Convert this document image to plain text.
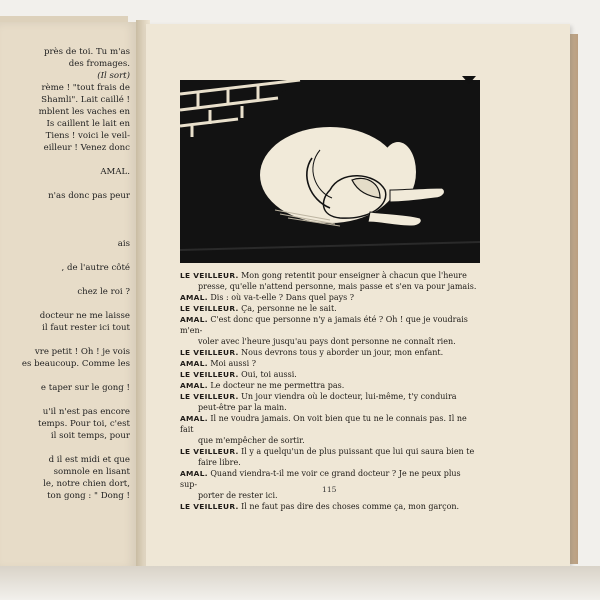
près de toi. Tu m'as
des fromages.
(Il sort)
rème ! "tout frais de
Shamli". Lait caillé !
mblent les vaches en
Is caillent le lait en
Tiens ! voici le veil-
eilleur ! Venez donc

AMAL.

n'as donc pas peur

ais

, de l'autre côté

chez le roi ?

docteur ne me laisse
il faut rester ici tout

vre petit ! Oh ! je vois
es beaucoup. Comme les

e taper sur le gong !

u'il n'est pas encore
temps. Pour toi, c'est
il soit temps, pour

d il est midi et que
somnole en lisant
le, notre chien dort,
ton gong : " Dong !

LE VEILLEUR. Mon gong retentit pour enseigner à chacun que l'heure

presse, qu'elle n'attend personne, mais passe et s'en va pour jamais.

AMAL. Dis : où va-t-elle ? Dans quel pays ?

LE VEILLEUR. Ça, personne ne le sait.

AMAL. C'est donc que personne n'y a jamais été ? Oh ! que je voudrais m'en-

voler avec l'heure jusqu'au pays dont personne ne connaît rien.

LE VEILLEUR. Nous devrons tous y aborder un jour, mon enfant.

AMAL. Moi aussi ?

LE VEILLEUR. Oui, toi aussi.

AMAL. Le docteur ne me permettra pas.

LE VEILLEUR. Un jour viendra où le docteur, lui-même, t'y conduira

peut-être par la main.

AMAL. Il ne voudra jamais. On voit bien que tu ne le connais pas. Il ne fait

que m'empêcher de sortir.

LE VEILLEUR. Il y a quelqu'un de plus puissant que lui qui saura bien te

faire libre.

AMAL. Quand viendra-t-il me voir ce grand docteur ? Je ne peux plus sup-

porter de rester ici.

LE VEILLEUR. Il ne faut pas dire des choses comme ça, mon garçon.

115
